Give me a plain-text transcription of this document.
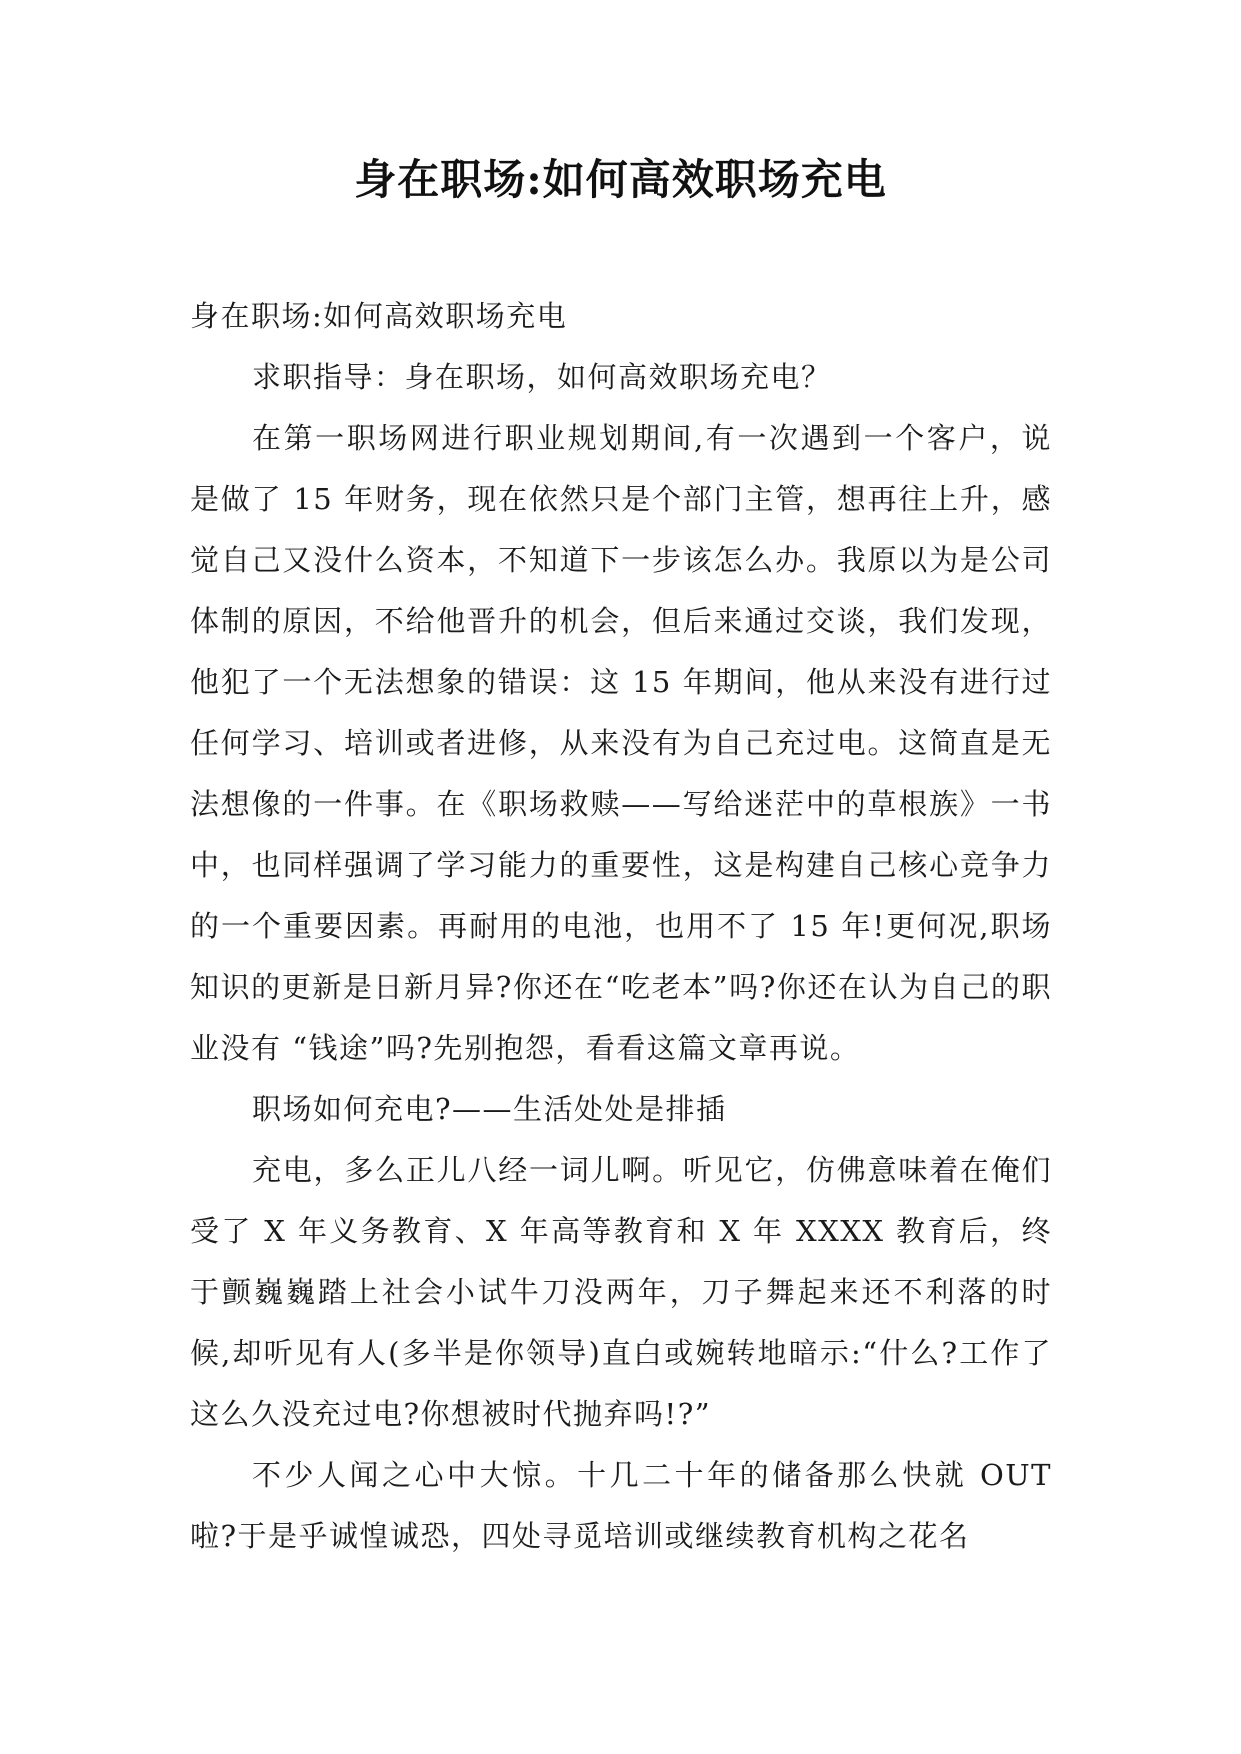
身在职场:如何高效职场充电

身在职场:如何高效职场充电

求职指导：身在职场，如何高效职场充电？

在第一职场网进行职业规划期间,有一次遇到一个客户，说是做了 15 年财务，现在依然只是个部门主管，想再往上升，感觉自己又没什么资本，不知道下一步该怎么办。我原以为是公司体制的原因，不给他晋升的机会，但后来通过交谈，我们发现，他犯了一个无法想象的错误：这 15 年期间，他从来没有进行过任何学习、培训或者进修，从来没有为自己充过电。这简直是无法想像的一件事。在《职场救赎——写给迷茫中的草根族》一书中，也同样强调了学习能力的重要性，这是构建自己核心竞争力的一个重要因素。再耐用的电池，也用不了 15 年!更何况,职场知识的更新是日新月异?你还在“吃老本”吗?你还在认为自己的职业没有 “钱途”吗?先别抱怨，看看这篇文章再说。

职场如何充电?——生活处处是排插

充电，多么正儿八经一词儿啊。听见它，仿佛意味着在俺们受了 X 年义务教育、X 年高等教育和 X 年 XXXX 教育后，终于颤巍巍踏上社会小试牛刀没两年，刀子舞起来还不利落的时候,却听见有人(多半是你领导)直白或婉转地暗示:“什么?工作了这么久没充过电?你想被时代抛弃吗!?”

不少人闻之心中大惊。十几二十年的储备那么快就 OUT 啦?于是乎诚惶诚恐，四处寻觅培训或继续教育机构之花名
